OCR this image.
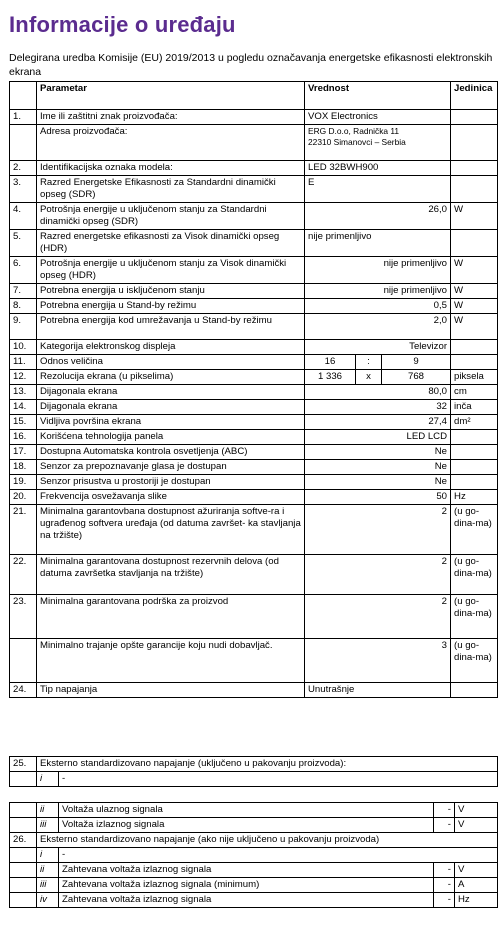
Informacije o uređaju

Delegirana uredba Komisije (EU) 2019/2013 u pogledu označavanja energetske efikasnosti elektronskih ekrana

	Parametar	Vrednost			Jedinica
1.	Ime ili zaštitni znak proizvođača:	VOX Electronics			
	Adresa proizvođača:	ERG D.o.o, Radnička 11
22310 Simanovci – Serbia			

2.	Identifikaciјska oznaka modela:	LED 32BWH900			
3.	Razred Energetske Efikasnosti za Standardni dinamički opseg (SDR)	E			
4.	Potrošnja energije u uključenom stanju za Standardni dinamički opseg (SDR)	26,0			W
5.	Razred energetske efikasnosti za Visok dinamički opseg (HDR)	nije primenljivo			
6.	Potrošnja energije u uključenom stanju za Visok dinamički opseg (HDR)	nije primenljivo			W
7.	Potrebna energija u isključenom stanju	nije primenljivo			W
8.	Potrebna energija u Stand-by režimu	0,5			W
9.	Potrebna energija kod umrežavanja u Stand-by režimu	2,0			W
10.	Kategorija elektronskog displeja	Televizor			
11.	Odnos veličina	16	:	9	
12.	Rezolucija ekrana (u pikselima)	1 336	x	768	piksela
13.	Dijagonala ekrana	80,0			cm
14.	Dijagonala ekrana	32			inča
15.	Vidljiva površina ekrana	27,4			dm²
16.	Korišćena tehnologija panela	LED LCD			
17.	Dostupna Automatska kontrola osvetljenja (ABC)	Ne			
18.	Senzor za prepoznavanje glasa je dostupan	Ne			
19.	Senzor prisustva u prostoriji je dostupan	Ne			
20.	Frekvencija osvežavanja slike	50			Hz
21.	Minimalna garantovbana dostupnost ažuriranja softve-ra i ugrađenog softvera uređaja (od datuma završet- ka stavljanja na tržište)	2			(u go-dina-ma)
22.	Minimalna garantovana dostupnost rezervnih delova (od datuma završetka stavljanja na tržište)	2			(u go-dina-ma)
23.	Minimalna garantovana podrška za proizvod	2			(u go-dina-ma)
	Minimalno trajanje opšte garancije koju nudi dobavljač.	3			(u go-dina-ma)
24.	Tip napajanja	Unutrašnje			
25.	Eksterno standardizovano napajanje (uključeno u pakovanju proizvoda):	
	i	-
	ii	Voltaža ulaznog signala	-	V
	iii	Voltaža izlaznog signala	-	V
26.	Eksterno standardizovano napajanje (ako nije uključeno u pakovanju proizvoda)			
	i	-		
	ii	Zahtevana voltaža izlaznog signala	-	V
	iii	Zahtevana voltaža izlaznog signala (minimum)	-	A
	iv	Zahtevana voltaža izlaznog signala	-	Hz
